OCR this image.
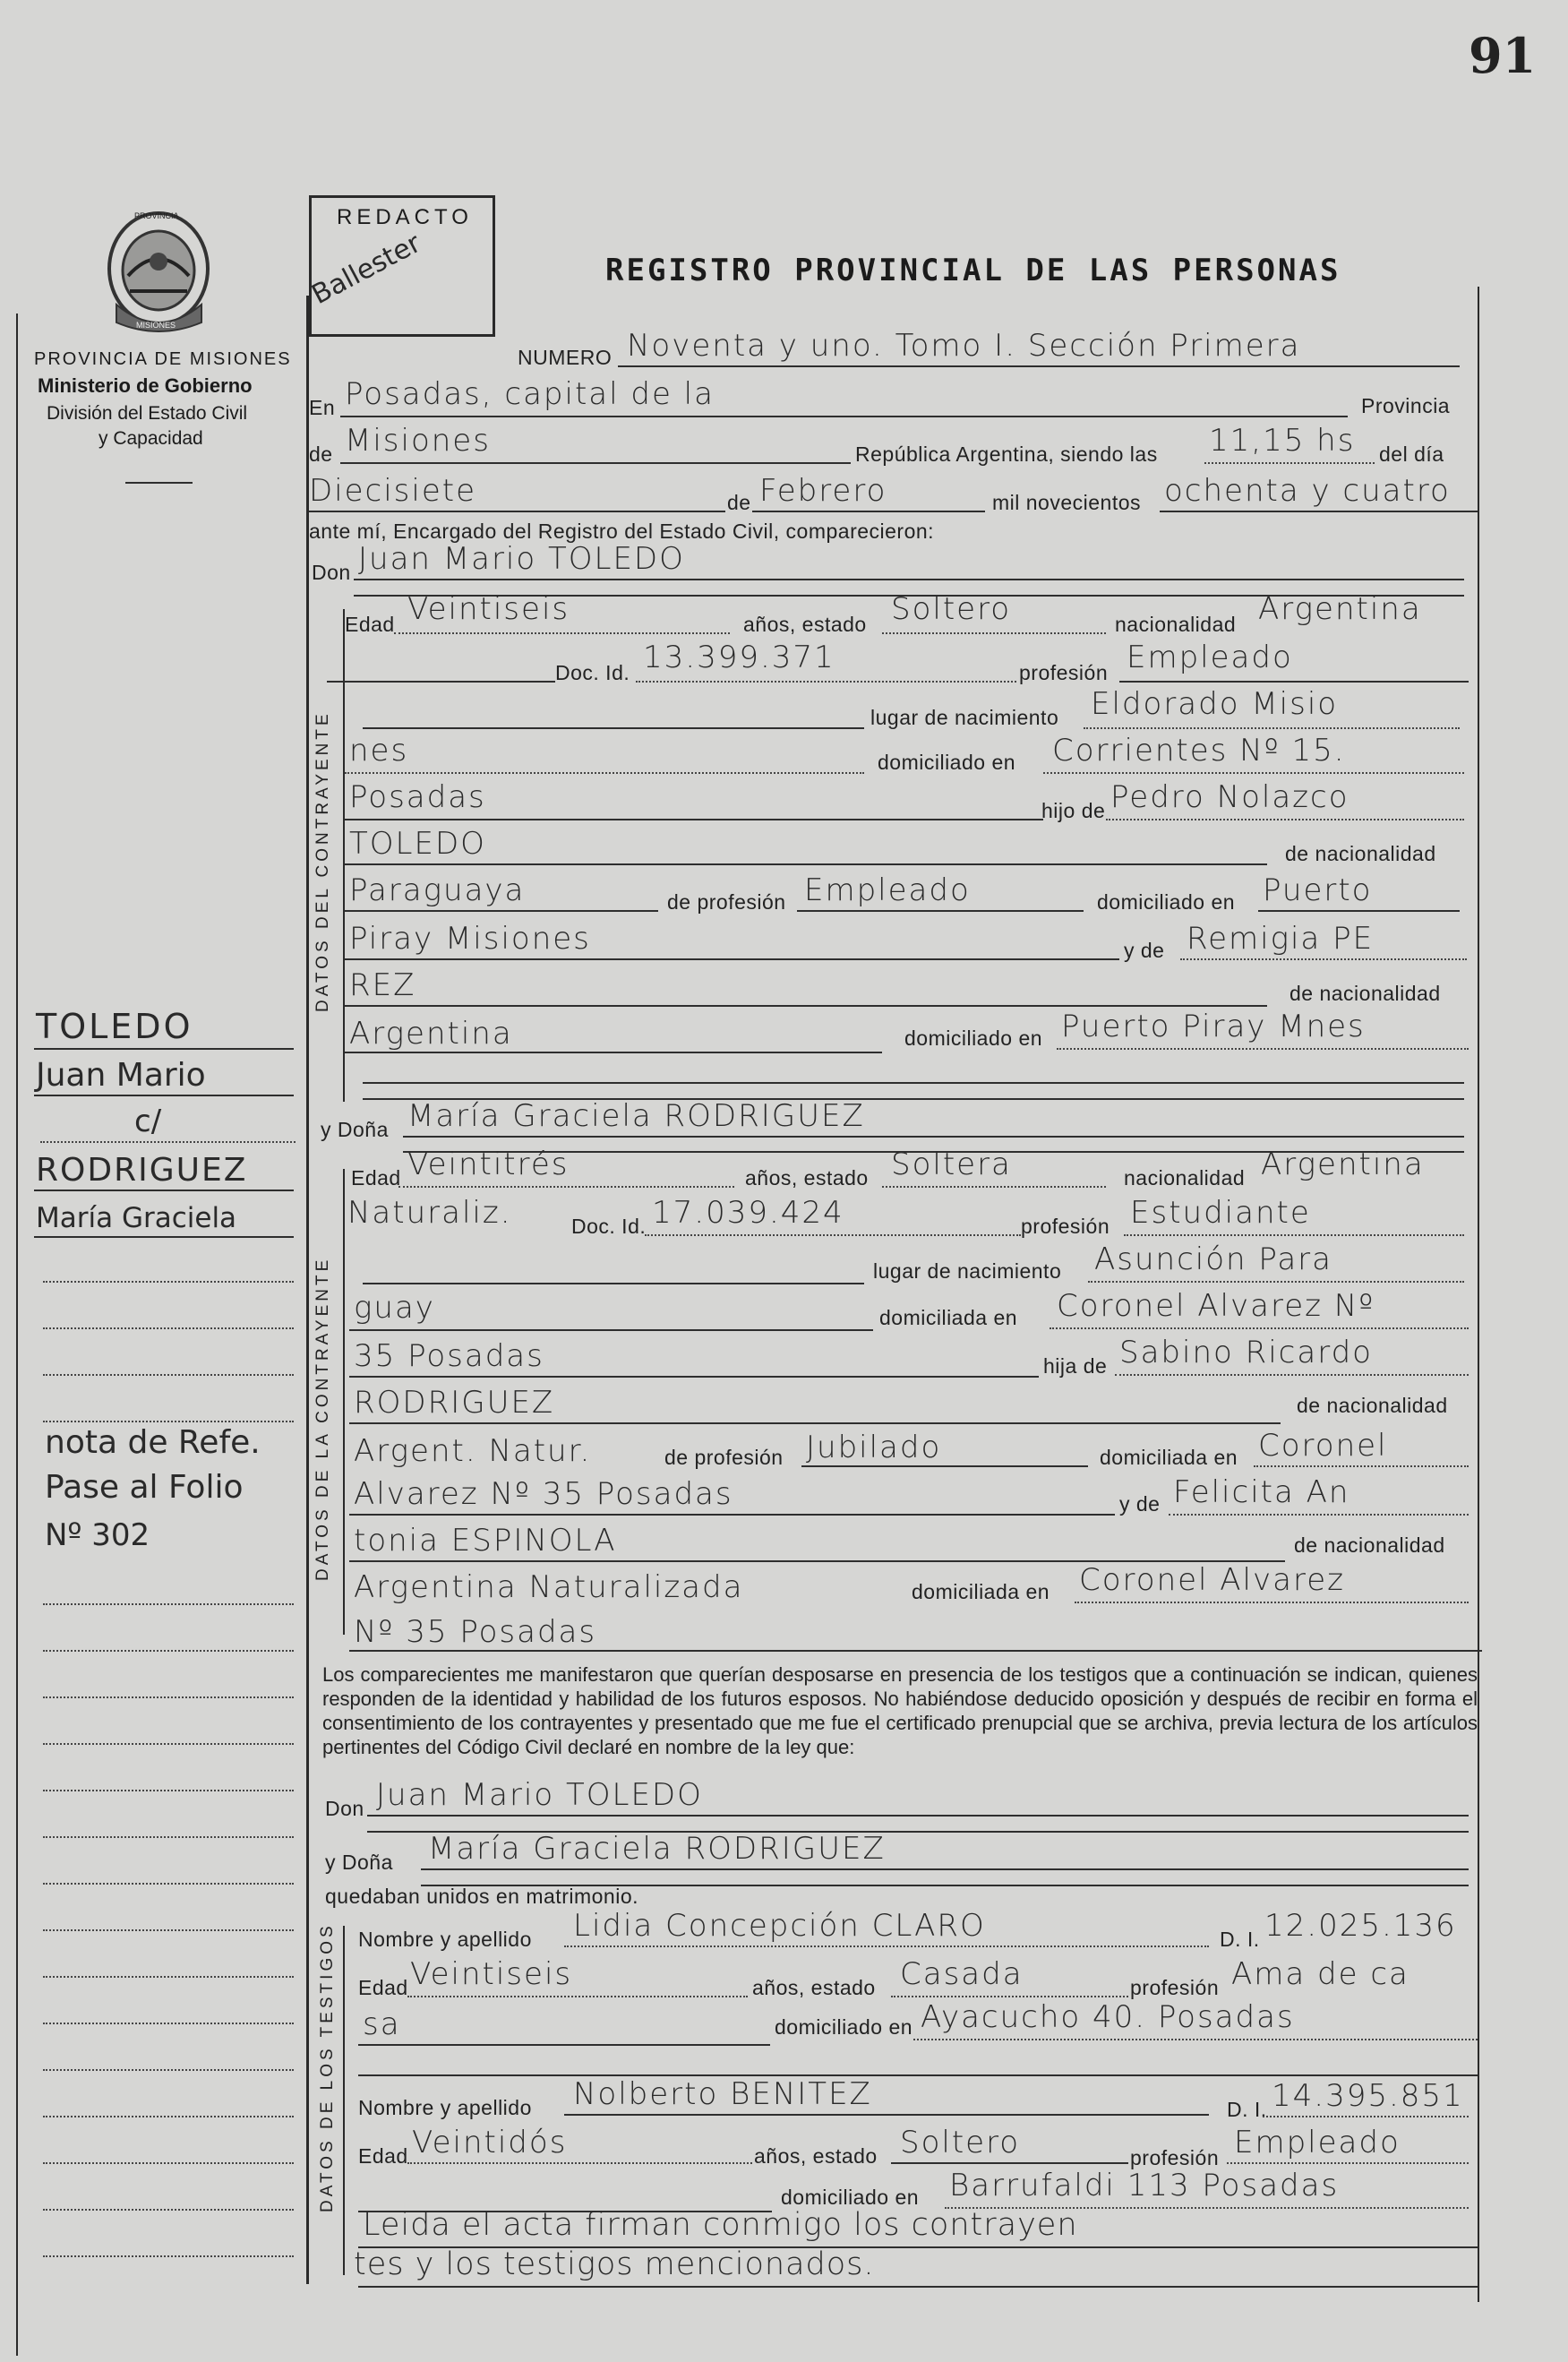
91
PROVINCIA
MISIONES
PROVINCIA DE MISIONES
Ministerio de Gobierno
División del Estado Civil
y Capacidad
REDACTO
Ballester	REGISTRO PROVINCIAL DE LAS PERSONAS
DATOS DEL CONTRAYENTE
DATOS DE LA CONTRAYENTE
DATOS DE LOS TESTIGOS
NUMERO Noventa y uno. Tomo I. Sección Primera
En Posadas, capital de la	Provincia
de Misiones	República Argentina, siendo las 11,15 hs del día
Diecisiete	de Febrero	mil novecientos ochenta y cuatro
ante mí, Encargado del Registro del Estado Civil, comparecieron:
Don Juan Mario TOLEDO
Edad Veintiseis	años, estado Soltero	nacionalidad Argentina
Doc. Id. 13.399.371	profesión Empleado
lugar de nacimiento Eldorado Misio
nes	domiciliado en Corrientes Nº 15.
Posadas	hijo de Pedro Nolazco
TOLEDO	de nacionalidad
Paraguaya	de profesión Empleado	domiciliado en Puerto
Piray Misiones	y de Remigia PE
REZ	de nacionalidad
Argentina	domiciliado en Puerto Piray Mnes
y Doña María Graciela RODRIGUEZ
Edad Veintitrés	años, estado Soltera	nacionalidad Argentina
Naturaliz.	Doc. Id. 17.039.424	profesión Estudiante
lugar de nacimiento Asunción Para
guay	domiciliada en Coronel Alvarez Nº
35 Posadas	hija de Sabino Ricardo
RODRIGUEZ	de nacionalidad
Argent. Natur.	de profesión Jubilado	domiciliada en Coronel
Alvarez Nº 35 Posadas	y de Felicita An
tonia ESPINOLA	de nacionalidad
Argentina Naturalizada	domiciliada en Coronel Alvarez
Nº 35 Posadas
Los comparecientes me manifestaron que querían desposarse en presencia de los testigos que a continuación se indican, quienes responden de la identidad y habilidad de los futuros esposos. No habiéndose deducido oposición y después de recibir en forma el consentimiento de los contrayentes y presentado que me fue el certificado prenupcial que se archiva, previa lectura de los artículos pertinentes del Código Civil declaré en nombre de la ley que:
Don Juan Mario TOLEDO
y Doña María Graciela RODRIGUEZ
quedaban unidos en matrimonio.
Nombre y apellido Lidia Concepción CLARO	D. I. 12.025.136
Edad Veintiseis	años, estado Casada	profesión Ama de ca
sa	domiciliado en Ayacucho 40. Posadas
Nombre y apellido Nolberto BENITEZ	D. I. 14.395.851
Edad Veintidós	años, estado Soltero	profesión Empleado
domiciliado en Barrufaldi 113 Posadas
Leida el acta firman conmigo los contrayen
tes y los testigos mencionados.
TOLEDO
Juan Mario
c/
RODRIGUEZ
María Graciela
nota de Refe.
Pase al Folio
Nº 302
